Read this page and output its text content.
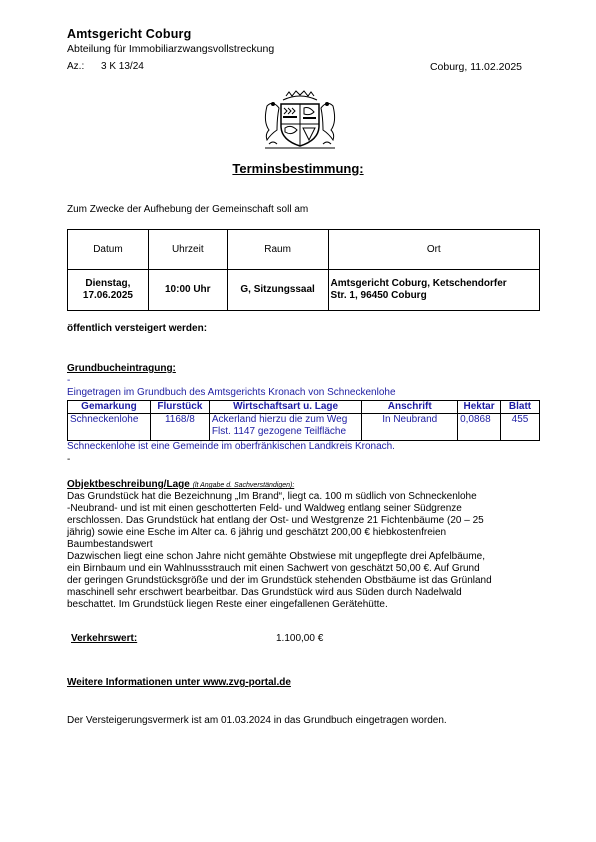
Amtsgericht Coburg
Abteilung für Immobiliarzwangsvollstreckung
Az.: 3 K 13/24	Coburg, 11.02.2025
Terminsbestimmung:
Zum Zwecke der Aufhebung der Gemeinschaft soll am
Datum	Uhrzeit	Raum	Ort
Dienstag,
17.06.2025	10:00 Uhr	G, Sitzungssaal	Amtsgericht Coburg, Ketschendorfer
Str. 1, 96450 Coburg
öffentlich versteigert werden:
Grundbucheintragung:
-
Eingetragen im Grundbuch des Amtsgerichts Kronach von Schneckenlohe
Gemarkung	Flurstück	Wirtschaftsart u. Lage	Anschrift	Hektar	Blatt
Schneckenlohe	1168/8	Ackerland hierzu die zum Weg
Flst. 1147 gezogene Teilfläche	In Neubrand	0,0868	455
Schneckenlohe ist eine Gemeinde im oberfränkischen Landkreis Kronach.
-
Objektbeschreibung/Lage (lt Angabe d. Sachverständigen):

Das Grundstück hat die Bezeichnung „Im Brand“, liegt ca. 100 m südlich von Schneckenlohe

-Neubrand- und ist mit einen geschotterten Feld- und Waldweg entlang seiner Südgrenze

erschlossen. Das Grundstück hat entlang der Ost- und Westgrenze 21 Fichtenbäume (20 – 25

jährig) sowie eine Esche im Alter ca. 6 jährig und geschätzt 200,00 € hiebkostenfreien

Baumbestandswert

Dazwischen liegt eine schon Jahre nicht gemähte Obstwiese mit ungepflegte drei Apfelbäume,

ein Birnbaum und ein Wahlnussstrauch mit einen Sachwert von geschätzt 50,00 €. Auf Grund

der geringen Grundstücksgröße und der im Grundstück stehenden Obstbäume ist das Grünland

maschinell sehr erschwert bearbeitbar. Das Grundstück wird aus Süden durch Nadelwald

beschattet. Im Grundstück liegen Reste einer eingefallenen Gerätehütte.

Verkehrswert:	1.100,00 €
Weitere Informationen unter www.zvg-portal.de
Der Versteigerungsvermerk ist am 01.03.2024 in das Grundbuch eingetragen worden.
